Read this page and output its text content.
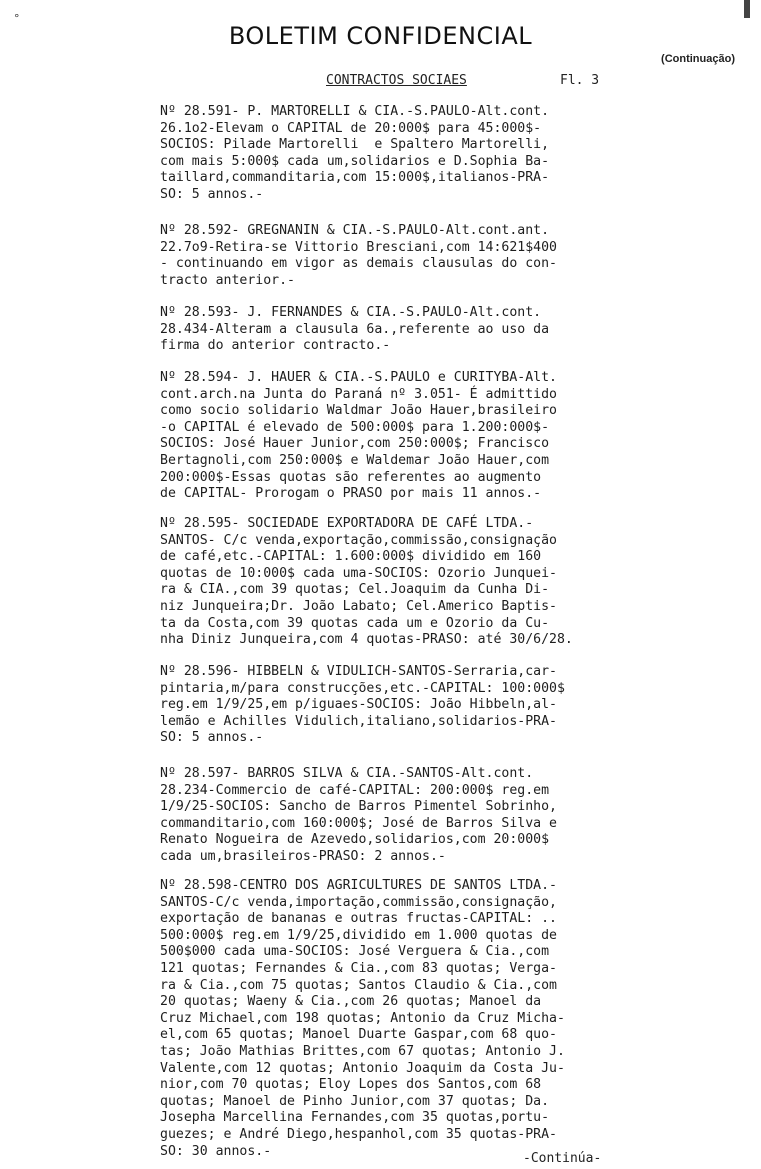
°
BOLETIM CONFIDENCIAL
(Continuação)
CONTRACTOS SOCIAES	Fl. 3
Nº 28.591- P. MARTORELLI & CIA.-S.PAULO-Alt.cont.
26.1o2-Elevam o CAPITAL de 20:000$ para 45:000$-
SOCIOS: Pilade Martorelli  e Spaltero Martorelli,
com mais 5:000$ cada um,solidarios e D.Sophia Ba-
taillard,commanditaria,com 15:000$,italianos-PRA-
SO: 5 annos.-
Nº 28.592- GREGNANIN & CIA.-S.PAULO-Alt.cont.ant.
22.7o9-Retira-se Vittorio Bresciani,com 14:621$400
- continuando em vigor as demais clausulas do con-
tracto anterior.-
Nº 28.593- J. FERNANDES & CIA.-S.PAULO-Alt.cont.
28.434-Alteram a clausula 6a.,referente ao uso da
firma do anterior contracto.-
Nº 28.594- J. HAUER & CIA.-S.PAULO e CURITYBA-Alt.
cont.arch.na Junta do Paraná nº 3.051- É admittido
como socio solidario Waldmar João Hauer,brasileiro
-o CAPITAL é elevado de 500:000$ para 1.200:000$-
SOCIOS: José Hauer Junior,com 250:000$; Francisco
Bertagnoli,com 250:000$ e Waldemar João Hauer,com
200:000$-Essas quotas são referentes ao augmento
de CAPITAL- Prorogam o PRASO por mais 11 annos.-
Nº 28.595- SOCIEDADE EXPORTADORA DE CAFÉ LTDA.-
SANTOS- C/c venda,exportação,commissão,consignação
de café,etc.-CAPITAL: 1.600:000$ dividido em 160
quotas de 10:000$ cada uma-SOCIOS: Ozorio Junquei-
ra & CIA.,com 39 quotas; Cel.Joaquim da Cunha Di-
niz Junqueira;Dr. João Labato; Cel.Americo Baptis-
ta da Costa,com 39 quotas cada um e Ozorio da Cu-
nha Diniz Junqueira,com 4 quotas-PRASO: até 30/6/28.
Nº 28.596- HIBBELN & VIDULICH-SANTOS-Serraria,car-
pintaria,m/para construcções,etc.-CAPITAL: 100:000$
reg.em 1/9/25,em p/iguaes-SOCIOS: João Hibbeln,al-
lemão e Achilles Vidulich,italiano,solidarios-PRA-
SO: 5 annos.-
Nº 28.597- BARROS SILVA & CIA.-SANTOS-Alt.cont.
28.234-Commercio de café-CAPITAL: 200:000$ reg.em
1/9/25-SOCIOS: Sancho de Barros Pimentel Sobrinho,
commanditario,com 160:000$; José de Barros Silva e
Renato Nogueira de Azevedo,solidarios,com 20:000$
cada um,brasileiros-PRASO: 2 annos.-
Nº 28.598-CENTRO DOS AGRICULTURES DE SANTOS LTDA.-
SANTOS-C/c venda,importação,commissão,consignação,
exportação de bananas e outras fructas-CAPITAL: ..
500:000$ reg.em 1/9/25,dividido em 1.000 quotas de
500$000 cada uma-SOCIOS: José Verguera & Cia.,com
121 quotas; Fernandes & Cia.,com 83 quotas; Verga-
ra & Cia.,com 75 quotas; Santos Claudio & Cia.,com
20 quotas; Waeny & Cia.,com 26 quotas; Manoel da
Cruz Michael,com 198 quotas; Antonio da Cruz Micha-
el,com 65 quotas; Manoel Duarte Gaspar,com 68 quo-
tas; João Mathias Brittes,com 67 quotas; Antonio J.
Valente,com 12 quotas; Antonio Joaquim da Costa Ju-
nior,com 70 quotas; Eloy Lopes dos Santos,com 68
quotas; Manoel de Pinho Junior,com 37 quotas; Da.
Josepha Marcellina Fernandes,com 35 quotas,portu-
guezes; e André Diego,hespanhol,com 35 quotas-PRA-
SO: 30 annos.-	-Continúa-
